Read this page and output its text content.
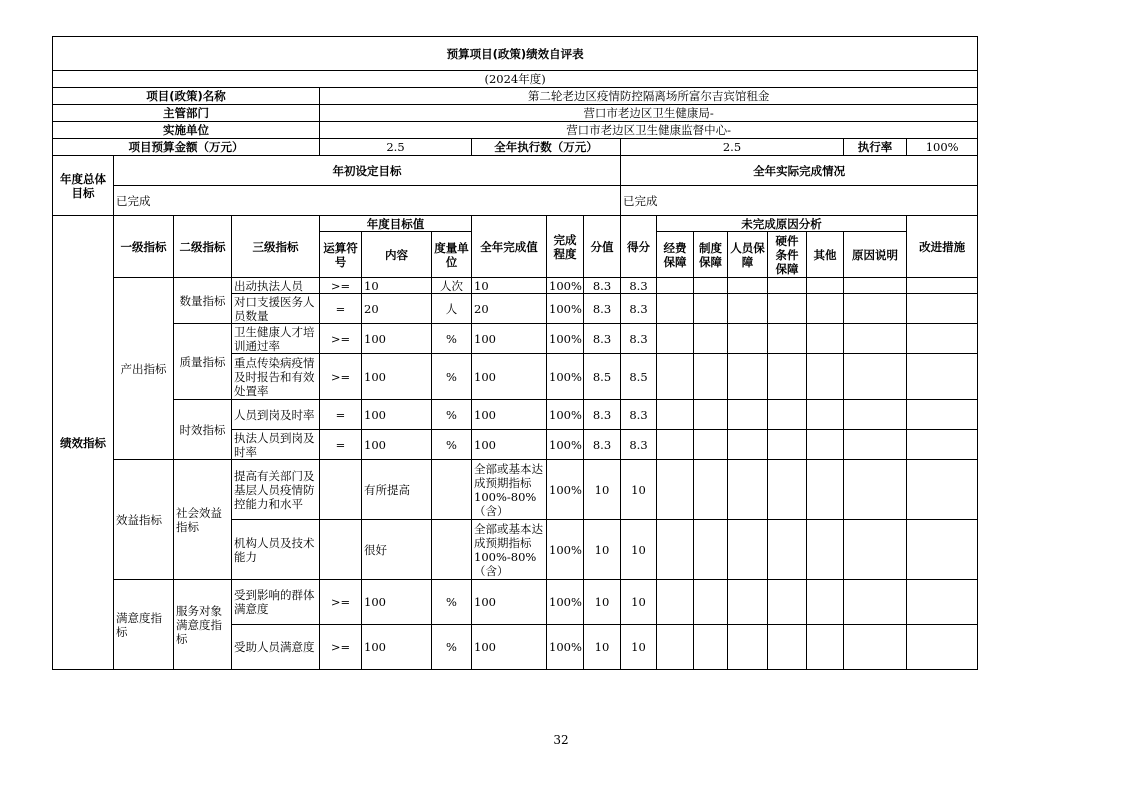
预算项目(政策)绩效自评表																	
(2024年度)																	
项目(政策)名称				第二轮老边区疫情防控隔离场所富尔吉宾馆租金													
主管部门				营口市老边区卫生健康局-													
实施单位				营口市老边区卫生健康监督中心-													
项目预算金额（万元）				2.5			全年执行数（万元）			2.5						执行率	100%
年度总体目标	年初设定目标									全年实际完成情况							
	已完成									已完成							
绩效指标	一级指标	二级指标	三级指标	年度目标值			全年完成值	完成程度	分值	得分	未完成原因分析						改进措施
				运算符号	内容	度量单位					经费保障	制度保障	人员保障	硬件条件保障	其他	原因说明	
	产出指标	数量指标	出动执法人员	>=	10	人次	10	100%	8.3	8.3							
			对口支援医务人员数量	=	20	人	20	100%	8.3	8.3							
		质量指标	卫生健康人才培训通过率	>=	100	%	100	100%	8.3	8.3							
			重点传染病疫情及时报告和有效处置率	>=	100	%	100	100%	8.5	8.5							
		时效指标	人员到岗及时率	=	100	%	100	100%	8.3	8.3							
			执法人员到岗及时率	=	100	%	100	100%	8.3	8.3							
	效益指标	社会效益指标	提高有关部门及基层人员疫情防控能力和水平		有所提高		全部或基本达成预期指标100%-80%（含）	100%	10	10							
			机构人员及技术能力		很好		全部或基本达成预期指标100%-80%（含）	100%	10	10							
	满意度指标	服务对象满意度指标	受到影响的群体满意度	>=	100	%	100	100%	10	10							
			受助人员满意度	>=	100	%	100	100%	10	10							
32
